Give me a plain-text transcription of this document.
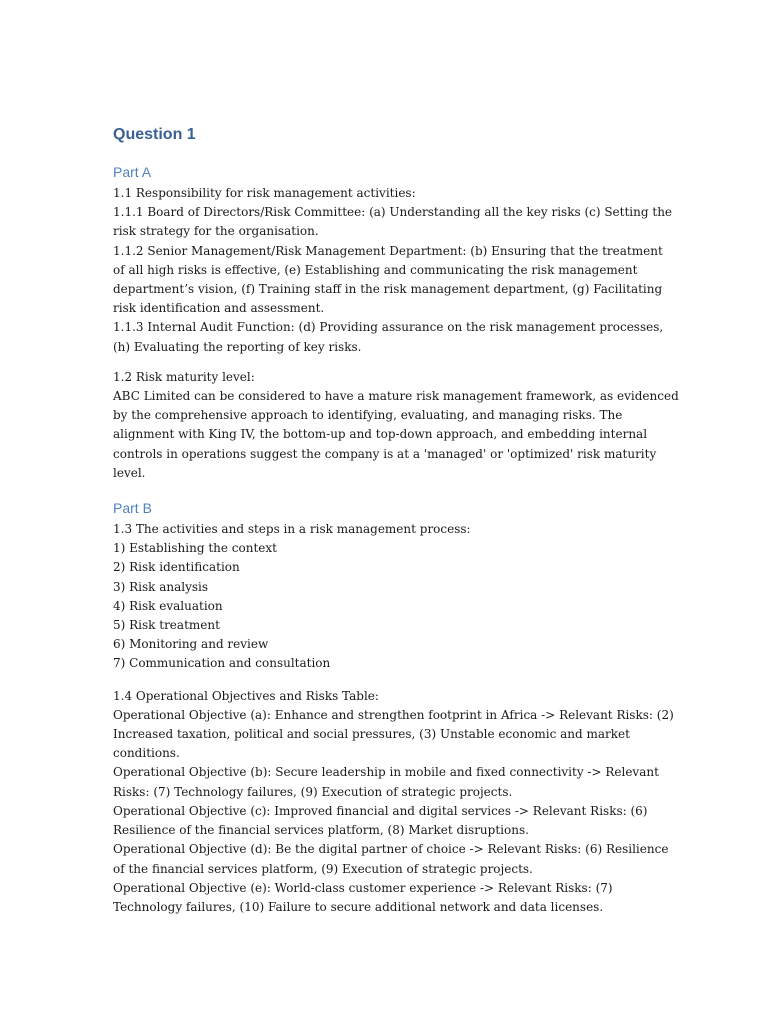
Question 1
Part A

1.1 Responsibility for risk management activities:

1.1.1 Board of Directors/Risk Committee: (a) Understanding all the key risks (c) Setting the

risk strategy for the organisation.

1.1.2 Senior Management/Risk Management Department: (b) Ensuring that the treatment

of all high risks is effective, (e) Establishing and communicating the risk management

department’s vision, (f) Training staff in the risk management department, (g) Facilitating

risk identification and assessment.

1.1.3 Internal Audit Function: (d) Providing assurance on the risk management processes,

(h) Evaluating the reporting of key risks.

1.2 Risk maturity level:

ABC Limited can be considered to have a mature risk management framework, as evidenced

by the comprehensive approach to identifying, evaluating, and managing risks. The

alignment with King IV, the bottom-up and top-down approach, and embedding internal

controls in operations suggest the company is at a 'managed' or 'optimized' risk maturity

level.

Part B

1.3 The activities and steps in a risk management process:

1) Establishing the context

2) Risk identification

3) Risk analysis

4) Risk evaluation

5) Risk treatment

6) Monitoring and review

7) Communication and consultation

1.4 Operational Objectives and Risks Table:

Operational Objective (a): Enhance and strengthen footprint in Africa -> Relevant Risks: (2)

Increased taxation, political and social pressures, (3) Unstable economic and market

conditions.

Operational Objective (b): Secure leadership in mobile and fixed connectivity -> Relevant

Risks: (7) Technology failures, (9) Execution of strategic projects.

Operational Objective (c): Improved financial and digital services -> Relevant Risks: (6)

Resilience of the financial services platform, (8) Market disruptions.

Operational Objective (d): Be the digital partner of choice -> Relevant Risks: (6) Resilience

of the financial services platform, (9) Execution of strategic projects.

Operational Objective (e): World-class customer experience -> Relevant Risks: (7)

Technology failures, (10) Failure to secure additional network and data licenses.
